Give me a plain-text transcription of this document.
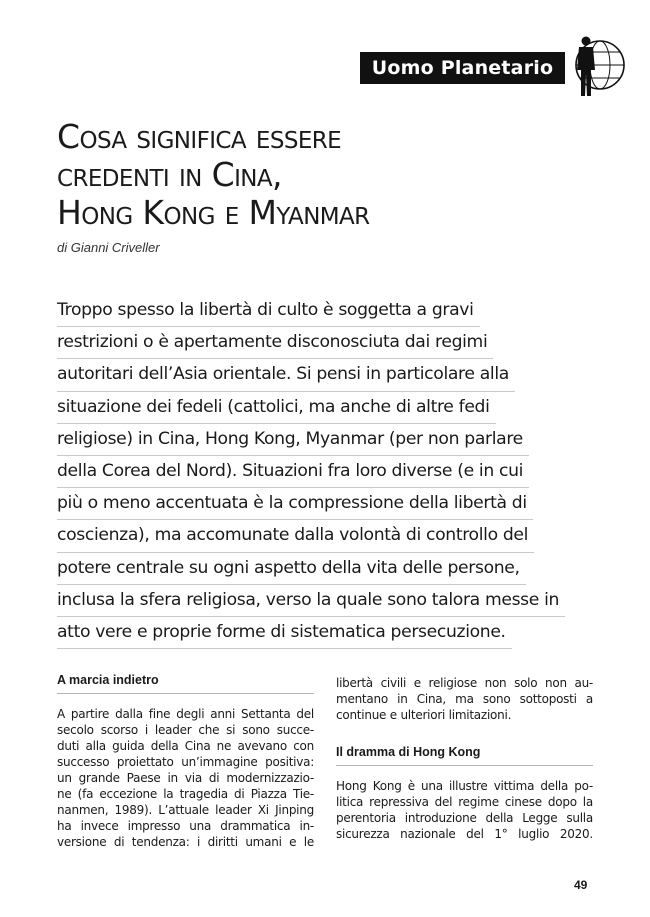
Uomo Planetario
Cosa significa essere
credenti in Cina,
Hong Kong e Myanmar
di Gianni Criveller
Troppo spesso la libertà di culto è soggetta a gravi
restrizioni o è apertamente disconosciuta dai regimi
autoritari dell’Asia orientale. Si pensi in particolare alla
situazione dei fedeli (cattolici, ma anche di altre fedi
religiose) in Cina, Hong Kong, Myanmar (per non parlare
della Corea del Nord). Situazioni fra loro diverse (e in cui
più o meno accentuata è la compressione della libertà di
coscienza), ma accomunate dalla volontà di controllo del
potere centrale su ogni aspetto della vita delle persone,
inclusa la sfera religiosa, verso la quale sono talora messe in
atto vere e proprie forme di sistematica persecuzione.
A marcia indietro
A partire dalla fine degli anni Settanta del
secolo scorso i leader che si sono succe-
duti alla guida della Cina ne avevano con
successo proiettato un’immagine positiva:
un grande Paese in via di modernizzazio-
ne (fa eccezione la tragedia di Piazza Tie-
nanmen, 1989). L’attuale leader Xi Jinping
ha invece impresso una drammatica in-
versione di tendenza: i diritti umani e le
libertà civili e religiose non solo non au-
mentano in Cina, ma sono sottoposti a
continue e ulteriori limitazioni.
Il dramma di Hong Kong
Hong Kong è una illustre vittima della po-
litica repressiva del regime cinese dopo la
perentoria introduzione della Legge sulla
sicurezza nazionale del 1° luglio 2020.
49
